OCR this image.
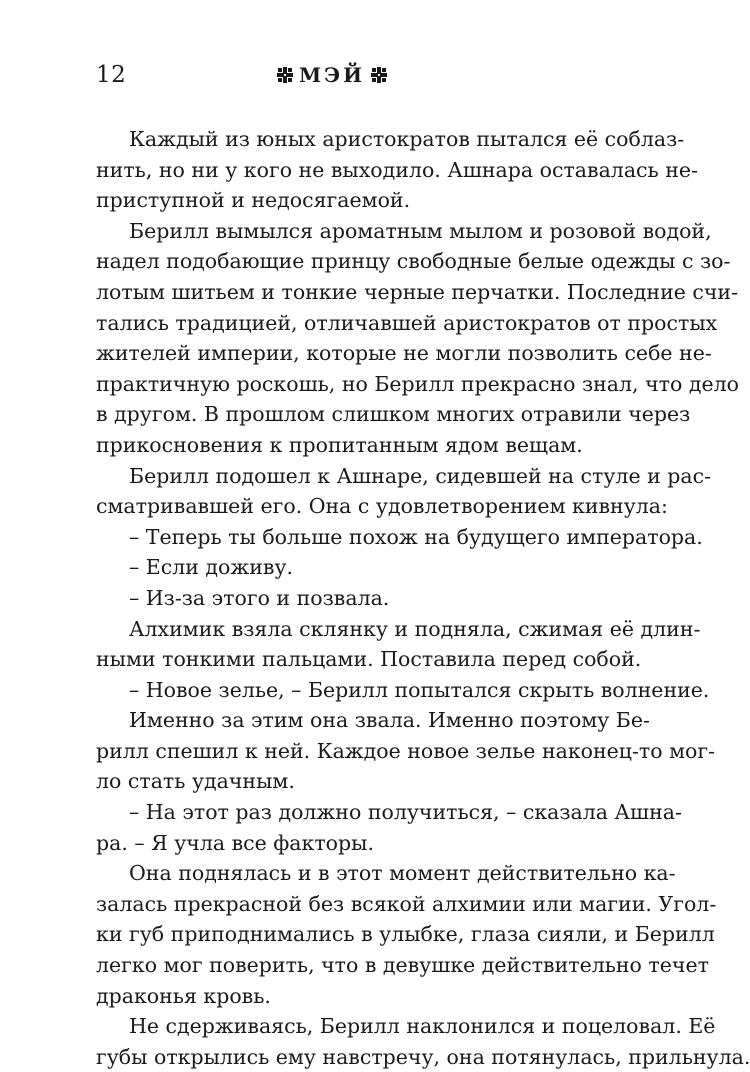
12	МЭЙ
Каждый из юных аристократов пытался её соблаз-
нить, но ни у кого не выходило. Ашнара оставалась не-
приступной и недосягаемой.
Берилл вымылся ароматным мылом и розовой водой,
надел подобающие принцу свободные белые одежды с зо-
лотым шитьем и тонкие черные перчатки. Последние счи-
тались традицией, отличавшей аристократов от простых
жителей империи, которые не могли позволить себе не-
практичную роскошь, но Берилл прекрасно знал, что дело
в другом. В прошлом слишком многих отравили через
прикосновения к пропитанным ядом вещам.
Берилл подошел к Ашнаре, сидевшей на стуле и рас-
сматривавшей его. Она с удовлетворением кивнула:
– Теперь ты больше похож на будущего императора.
– Если доживу.
– Из-за этого и позвала.
Алхимик взяла склянку и подняла, сжимая её длин-
ными тонкими пальцами. Поставила перед собой.
– Новое зелье, – Берилл попытался скрыть волнение.
Именно за этим она звала. Именно поэтому Бе-
рилл спешил к ней. Каждое новое зелье наконец-то мог-
ло стать удачным.
– На этот раз должно получиться, – сказала Ашна-
ра. – Я учла все факторы.
Она поднялась и в этот момент действительно ка-
залась прекрасной без всякой алхимии или магии. Угол-
ки губ приподнимались в улыбке, глаза сияли, и Берилл
легко мог поверить, что в девушке действительно течет
драконья кровь.
Не сдерживаясь, Берилл наклонился и поцеловал. Её
губы открылись ему навстречу, она потянулась, прильнула.
